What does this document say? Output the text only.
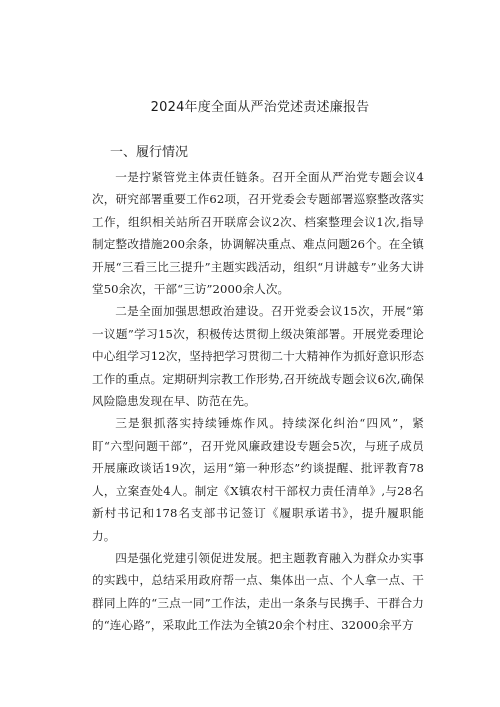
2024年度全面从严治党述责述廉报告
一、履行情况

一是拧紧管党主体责任链条。召开全面从严治党专题会议4次，研究部署重要工作62项，召开党委会专题部署巡察整改落实工作，组织相关站所召开联席会议2次、档案整理会议1次,指导制定整改措施200余条，协调解决重点、难点问题26个。在全镇开展“三看三比三提升”主题实践活动，组织“月讲越专”业务大讲堂50余次，干部“三访”2000余人次。

二是全面加强思想政治建设。召开党委会议15次，开展“第一议题”学习15次，积极传达贯彻上级决策部署。开展党委理论中心组学习12次，坚持把学习贯彻二十大精神作为抓好意识形态工作的重点。定期研判宗教工作形势,召开统战专题会议6次,确保风险隐患发现在早、防范在先。

三是狠抓落实持续锤炼作风。持续深化纠治“四风”，紧盯“六型问题干部”，召开党风廉政建设专题会5次，与班子成员开展廉政谈话19次，运用“第一种形态”约谈提醒、批评教育78人，立案查处4人。制定《X镇农村干部权力责任清单》,与28名新村书记和178名支部书记签订《履职承诺书》，提升履职能力。

四是强化党建引领促进发展。把主题教育融入为群众办实事的实践中，总结采用政府帮一点、集体出一点、个人拿一点、干群同上阵的“三点一同”工作法，走出一条条与民携手、干群合力的“连心路”，采取此工作法为全镇20余个村庄、32000余平方
